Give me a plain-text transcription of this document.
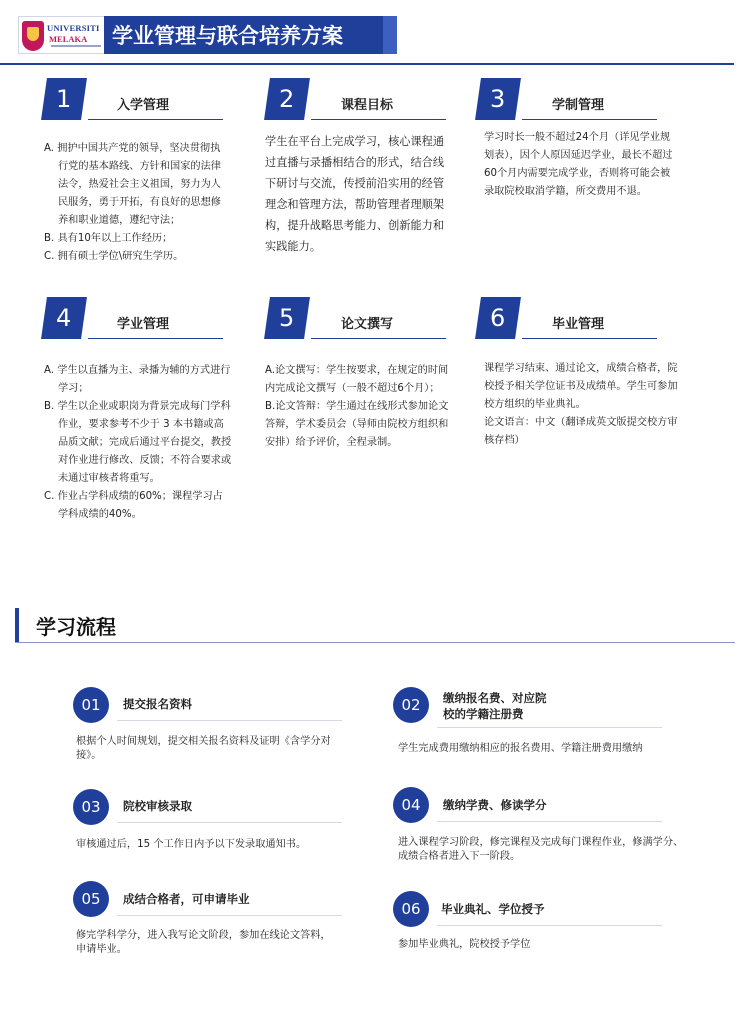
UNIVERSITI
MELAKA 学业管理与联合培养方案
1	入学管理

A. 拥护中国共产党的领导，坚决贯彻执行党的基本路线、方针和国家的法律法令，热爱社会主义祖国，努力为人民服务，勇于开拓，有良好的思想修养和职业道德，遵纪守法；

B. 具有10年以上工作经历；

C. 拥有硕士学位\研究生学历。

2	课程目标
学生在平台上完成学习，核心课程通过直播与录播相结合的形式，结合线下研讨与交流，传授前沿实用的经管理念和管理方法，帮助管理者理顺架构，提升战略思考能力、创新能力和实践能力。
3	学制管理
学习时长一般不超过24个月（详见学业规划表），因个人原因延迟学业，最长不超过60个月内需要完成学业，否则将可能会被录取院校取消学籍，所交费用不退。
4	学业管理

A. 学生以直播为主、录播为辅的方式进行学习；

B. 学生以企业或职岗为背景完成每门学科作业，要求参考不少于 3 本书籍或高品质文献；完成后通过平台提交，教授对作业进行修改、反馈；不符合要求或未通过审核者将重写。

C. 作业占学科成绩的60%；课程学习占学科成绩的40%。

5	论文撰写

A.论文撰写：学生按要求，在规定的时间内完成论文撰写（一般不超过6个月）；

B.论文答辩：学生通过在线形式参加论文答辩，学术委员会（导师由院校方组织和安排）给予评价，全程录制。

6	毕业管理

课程学习结束、通过论文，成绩合格者，院校授予相关学位证书及成绩单。学生可参加校方组织的毕业典礼。

论文语言：中文（翻译成英文版提交校方审核存档）

学习流程
01	提交报名资料
根据个人时间规划，提交相关报名资料及证明《含学分对接》。
02 缴纳报名费、对应院校的学籍注册费
学生完成费用缴纳相应的报名费用、学籍注册费用缴纳
03	院校审核录取
审核通过后，15 个工作日内予以下发录取通知书。
04	缴纳学费、修读学分
进入课程学习阶段，修完课程及完成每门课程作业，修满学分、成绩合格者进入下一阶段。
05	成结合格者，可申请毕业
修完学科学分，进入我写论文阶段，参加在线论文答料，申请毕业。
06	毕业典礼、学位授予
参加毕业典礼，院校授予学位
